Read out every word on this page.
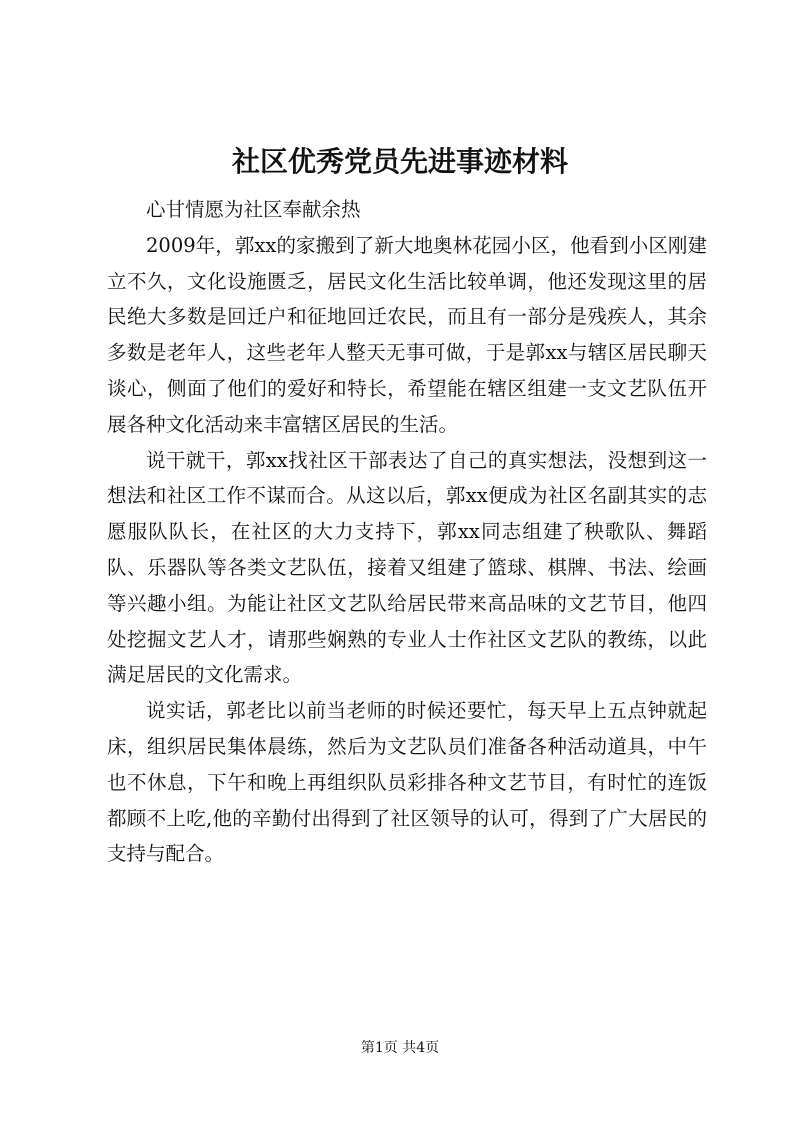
社区优秀党员先进事迹材料

心甘情愿为社区奉献余热

2009年，郭xx的家搬到了新大地奥林花园小区，他看到小区刚建立不久，文化设施匮乏，居民文化生活比较单调，他还发现这里的居民绝大多数是回迁户和征地回迁农民，而且有一部分是残疾人，其余多数是老年人，这些老年人整天无事可做，于是郭xx与辖区居民聊天谈心，侧面了他们的爱好和特长，希望能在辖区组建一支文艺队伍开展各种文化活动来丰富辖区居民的生活。

说干就干，郭xx找社区干部表达了自己的真实想法，没想到这一想法和社区工作不谋而合。从这以后，郭xx便成为社区名副其实的志愿服队队长，在社区的大力支持下，郭xx同志组建了秧歌队、舞蹈队、乐器队等各类文艺队伍，接着又组建了篮球、棋牌、书法、绘画等兴趣小组。为能让社区文艺队给居民带来高品味的文艺节目，他四处挖掘文艺人才，请那些娴熟的专业人士作社区文艺队的教练，以此满足居民的文化需求。

说实话，郭老比以前当老师的时候还要忙，每天早上五点钟就起床，组织居民集体晨练，然后为文艺队员们准备各种活动道具，中午也不休息，下午和晚上再组织队员彩排各种文艺节目，有时忙的连饭都顾不上吃,他的辛勤付出得到了社区领导的认可，得到了广大居民的支持与配合。

第1页 共4页
